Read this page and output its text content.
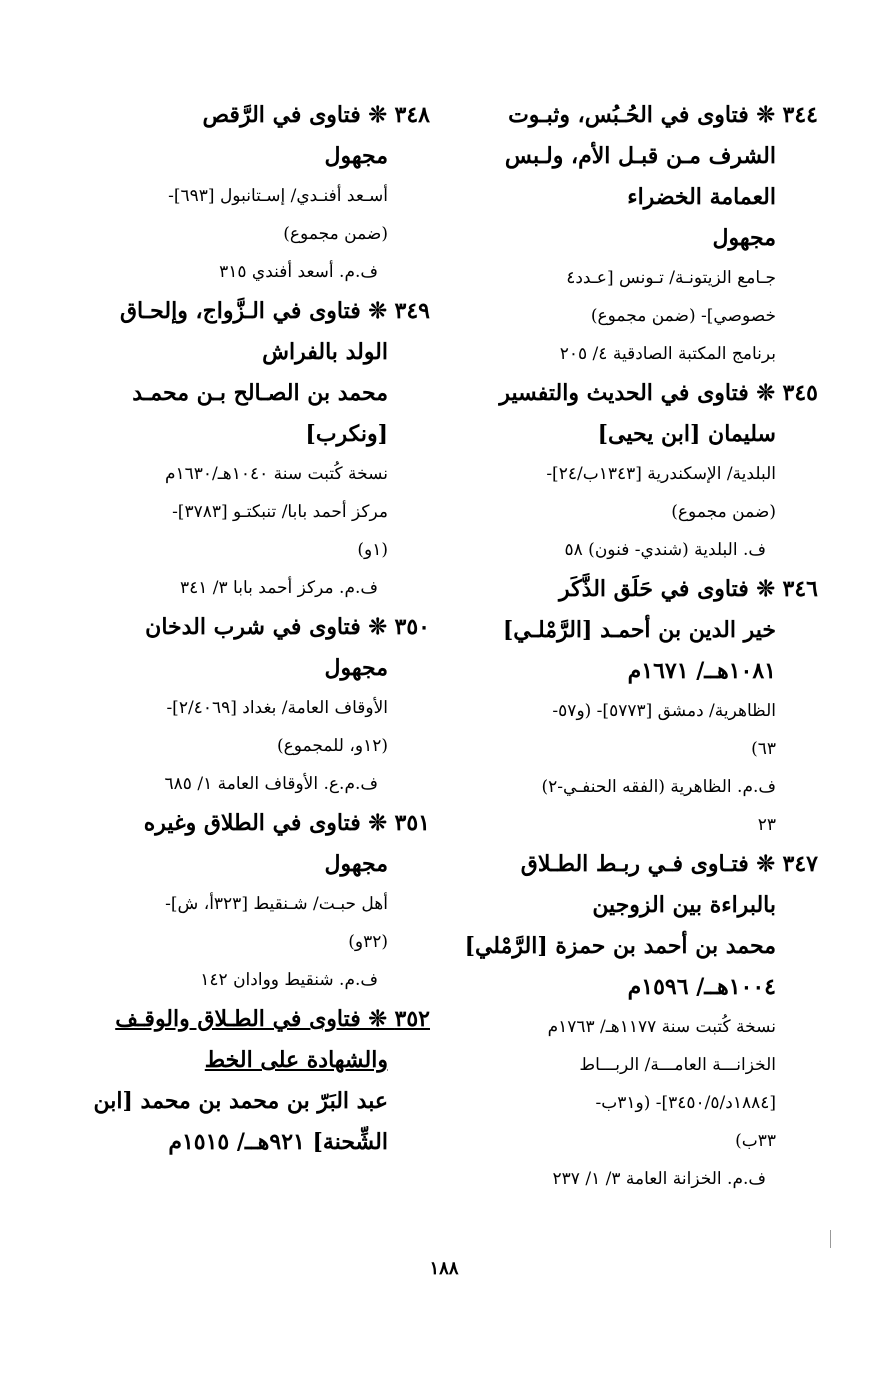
٣٤٤ ❊ فتاوى في الحُـبُس، وثبـوت
الشرف مـن قبـل الأم، ولـبس
العمامة الخضراء
مجهول
جـامع الزيتونـة/ تـونس [عـدد٤
خصوصي]- (ضمن مجموع)
برنامج المكتبة الصادقية ٤/ ٢٠٥
٣٤٥ ❊ فتاوى في الحديث والتفسير
سليمان [ابن يحيى]
البلدية/ الإسكندرية [١٣٤٣ب/٢٤]-
(ضمن مجموع)
ف. البلدية (شندي- فنون) ٥٨
٣٤٦ ❊ فتاوى في حَلَق الذَّكَر
خير الدين بن أحمـد [الرَّمْلـي]
١٠٨١هــ/ ١٦٧١م
الظاهرية/ دمشق [٥٧٧٣]- (و٥٧-
٦٣)
ف.م. الظاهرية (الفقه الحنفـي-٢)
٢٣
٣٤٧ ❊ فتـاوى فـي ربـط الطـلاق
بالبراءة بين الزوجين
محمد بن أحمد بن حمزة [الرَّمْلي]
١٠٠٤هــ/ ١٥٩٦م
نسخة كُتبت سنة ١١٧٧هـ/ ١٧٦٣م
الخزانـــة العامـــة/ الربـــاط
[١٨٨٤د/٣٤٥٠/٥]- (و٣١ب-
٣٣ب)
ف.م. الخزانة العامة ٣/ ١/ ٢٣٧
٣٤٨ ❊ فتاوى في الرَّقص
مجهول
أسـعد أفنـدي/ إسـتانبول [٦٩٣]-
(ضمن مجموع)
ف.م. أسعد أفندي ٣١٥
٣٤٩ ❊ فتاوى في الـزَّواج، وإلحـاق
الولد بالفراش
محمد بن الصـالح بـن محمـد
[ونكرب]
نسخة كُتبت سنة ١٠٤٠هـ/١٦٣٠م
مركز أحمد بابا/ تنبكتـو [٣٧٨٣]-
(١و)
ف.م. مركز أحمد بابا ٣/ ٣٤١
٣٥٠ ❊ فتاوى في شرب الدخان
مجهول
الأوقاف العامة/ بغداد [٢/٤٠٦٩]-
(١٢و، للمجموع)
ف.م.ع. الأوقاف العامة ١/ ٦٨٥
٣٥١ ❊ فتاوى في الطلاق وغيره
مجهول
أهل حبـت/ شـنقيط [٣٢٣أ، ش]-
(٣٢و)
ف.م. شنقيط ووادان ١٤٢
٣٥٢ ❊ فتاوى في الطـلاق والوقـف
والشهادة على الخط
عبد البَرّ بن محمد بن محمد [ابن
الشِّحنة] ٩٢١هــ/ ١٥١٥م
١٨٨
